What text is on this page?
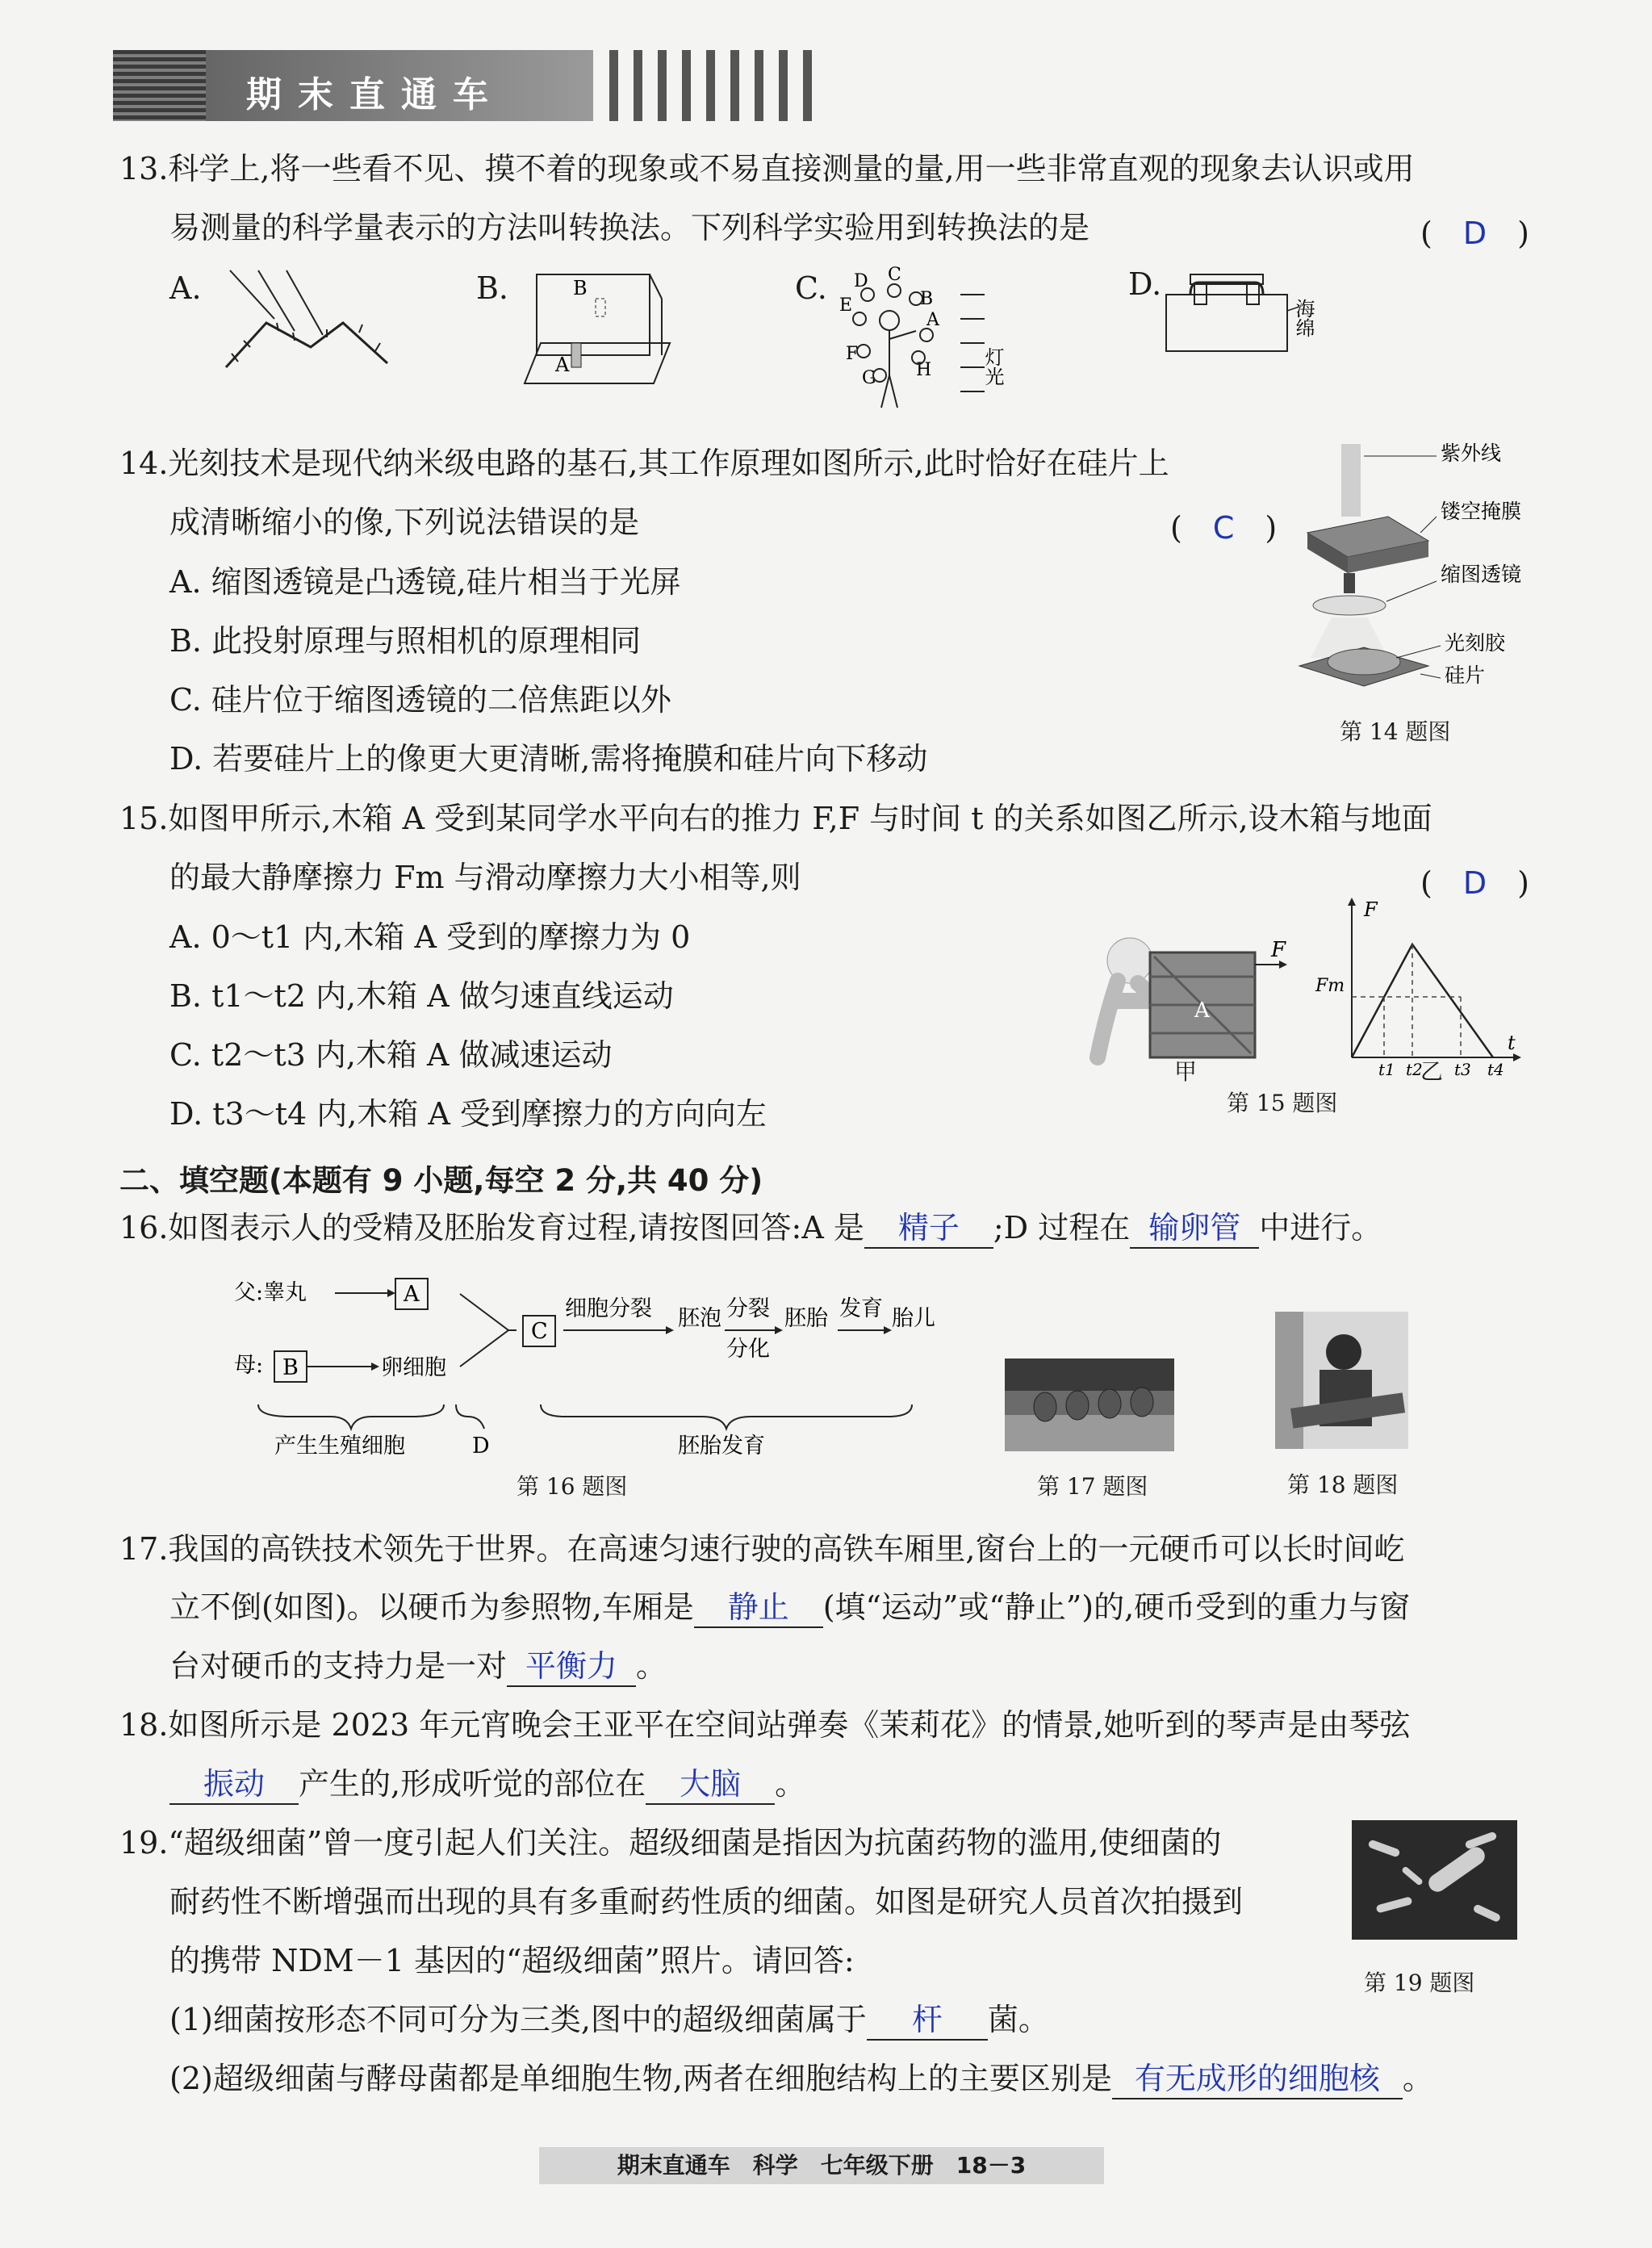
期末直通车
13.科学上,将一些看不见、摸不着的现象或不易直接测量的量,用一些非常直观的现象去认识或用
易测量的科学量表示的方法叫转换法。下列科学实验用到转换法的是	(　D　)
A.	B.	B
A
C. D C
B
A
E
F
G H	灯光
D.
海绵
14.光刻技术是现代纳米级电路的基石,其工作原理如图所示,此时恰好在硅片上
成清晰缩小的像,下列说法错误的是	(　C　)
A. 缩图透镜是凸透镜,硅片相当于光屏
B. 此投射原理与照相机的原理相同
C. 硅片位于缩图透镜的二倍焦距以外
D. 若要硅片上的像更大更清晰,需将掩膜和硅片向下移动
紫外线
镂空掩膜
缩图透镜
光刻胶
硅片
第 14 题图
15.如图甲所示,木箱 A 受到某同学水平向右的推力 F,F 与时间 t 的关系如图乙所示,设木箱与地面
的最大静摩擦力 Fm 与滑动摩擦力大小相等,则	(　D　)
A. 0～t1 内,木箱 A 受到的摩擦力为 0
B. t1～t2 内,木箱 A 做匀速直线运动
C. t2～t3 内,木箱 A 做减速运动
D. t3～t4 内,木箱 A 受到摩擦力的方向向左
A
F
甲
F
t
Fm
t1 t2 t3 t4
乙
第 15 题图
二、填空题(本题有 9 小题,每空 2 分,共 40 分)
16.如图表示人的受精及胚胎发育过程,请按图回答:A 是 精子 ;D 过程在 输卵管 中进行。
父:睾丸	A
母: B	卵细胞
C
细胞分裂 胚泡 分裂
分化
胚胎 发育 胎儿
产生生殖细胞	D	胚胎发育
第 16 题图	第 17 题图	第 18 题图
17.我国的高铁技术领先于世界。在高速匀速行驶的高铁车厢里,窗台上的一元硬币可以长时间屹
立不倒(如图)。以硬币为参照物,车厢是 静止 (填“运动”或“静止”)的,硬币受到的重力与窗
台对硬币的支持力是一对 平衡力 。
18.如图所示是 2023 年元宵晚会王亚平在空间站弹奏《茉莉花》的情景,她听到的琴声是由琴弦
振动 产生的,形成听觉的部位在 大脑 。
19.“超级细菌”曾一度引起人们关注。超级细菌是指因为抗菌药物的滥用,使细菌的
耐药性不断增强而出现的具有多重耐药性质的细菌。如图是研究人员首次拍摄到
的携带 NDM－1 基因的“超级细菌”照片。请回答:
(1)细菌按形态不同可分为三类,图中的超级细菌属于 杆 菌。
(2)超级细菌与酵母菌都是单细胞生物,两者在细胞结构上的主要区别是 有无成形的细胞核 。
第 19 题图
期末直通车　科学　七年级下册　18－3
